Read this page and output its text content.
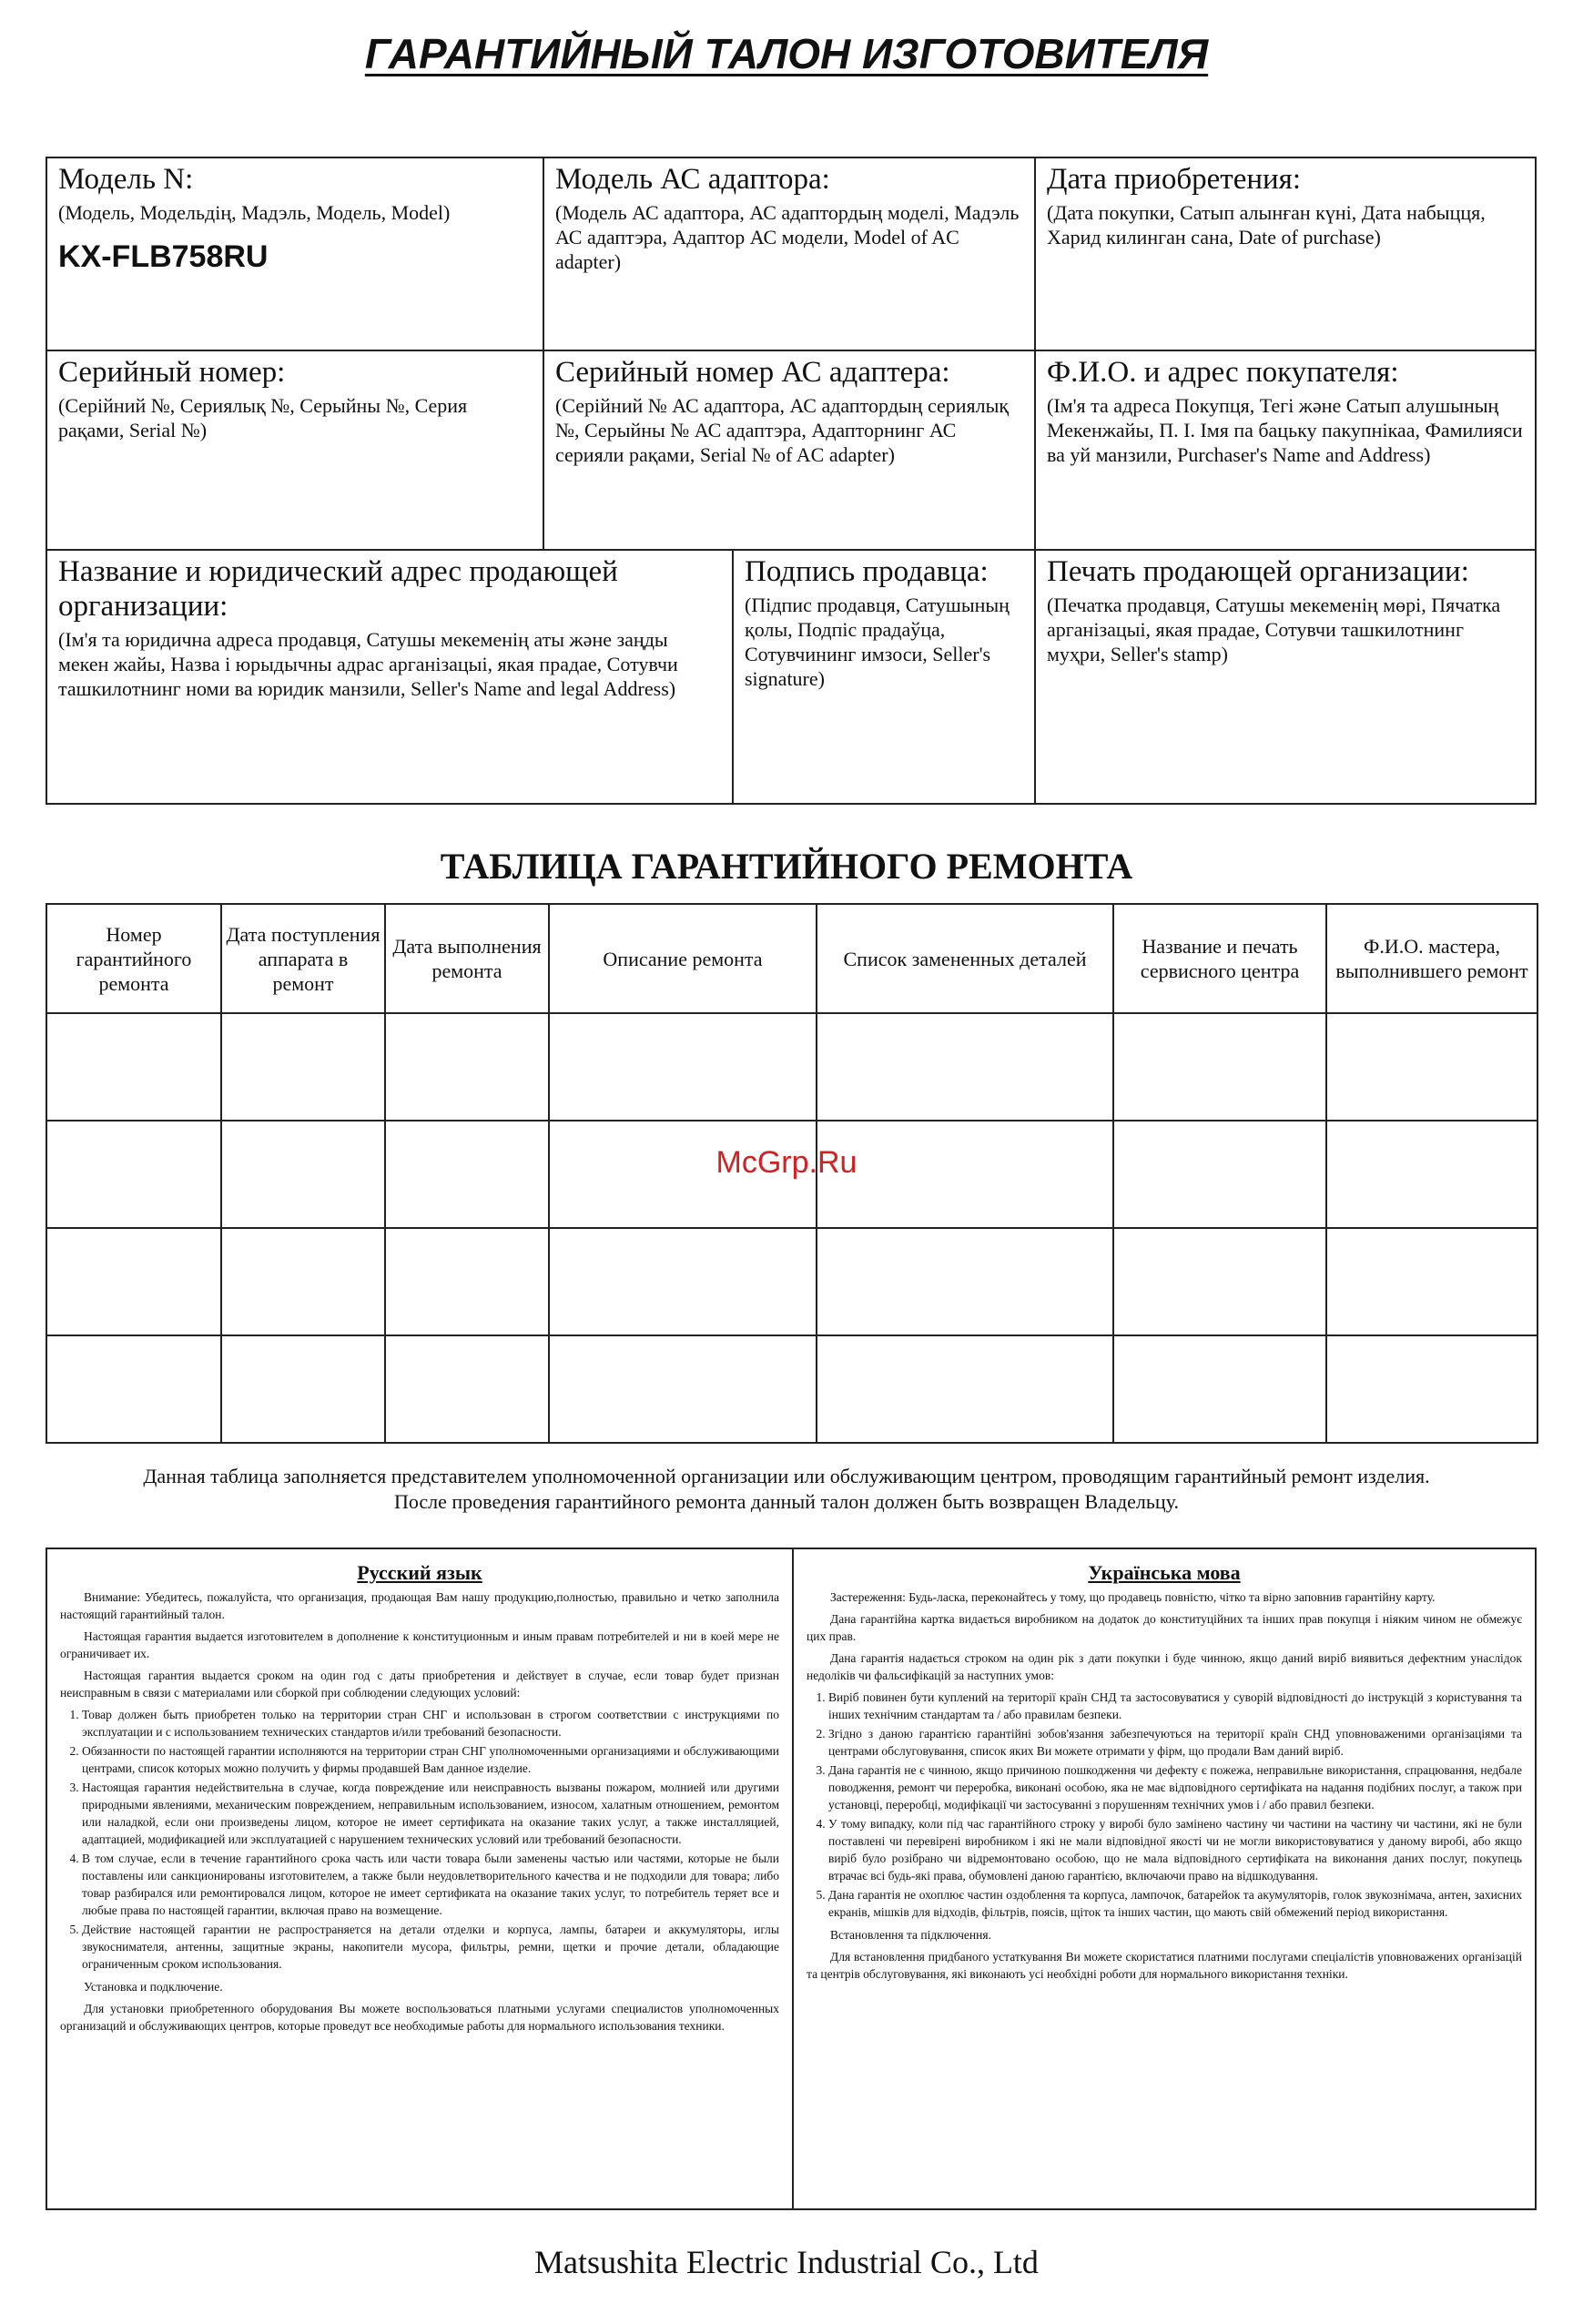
ГАРАНТИЙНЫЙ ТАЛОН ИЗГОТОВИТЕЛЯ
Модель N:
(Модель, Модельдiң, Мадэль, Модель, Model)
KX-FLB758RU
Модель АС адаптора:
(Модель АС адаптора, АС адаптордың моделi, Мадэль АС адаптэра, Адаптор АС модели, Model of AC adapter)
Дата приобретения:
(Дата покупки, Сатып алынған күнi, Дата набыцця, Харид килинган сана, Date of purchase)
Серийный номер:
(Серiйний №, Сериялық №, Серыйны №, Серия рақами, Serial №)
Серийный номер АС адаптера:
(Серiйний № АС адаптора, АС адаптордың сериялық №, Серыйны № АС адаптэра, Адапторнинг АС серияли рақами, Serial № of AC adapter)
Ф.И.О. и адрес покупателя:
(Iм'я та адреса Покупця, Тегi және Сатып алушының Мекенжайы, П. I. Iмя па бацьку пакупнiкаа, Фамилияси ва уй манзили, Purchaser's Name and Address)
Название и юридический адрес продающей организации:
(Iм'я та юридична адреса продавця, Сатушы мекеменiң аты және заңды мекен жайы, Назва i юрыдычны адрас арганiзацыi, якая прадае, Сотувчи ташкилотнинг номи ва юридик манзили, Seller's Name and legal Address)
Подпись продавца:
(Пiдпис продавця, Сатушының қолы, Подпiс прадаўца, Сотувчининг имзоси, Seller's signature)
Печать продающей организации:
(Печатка продавця, Сатушы мекеменiң мөрi, Пячатка арганiзацыi, якая прадае, Сотувчи ташкилотнинг муҳри, Seller's stamp)
ТАБЛИЦА ГАРАНТИЙНОГО РЕМОНТА
Номер гарантийного ремонта	Дата поступления аппарата в ремонт	Дата выполнения ремонта	Описание ремонта	Список замененных деталей	Название и печать сервисного центра	Ф.И.О. мастера, выполнившего ремонт

McGrp.Ru
Данная таблица заполняется представителем уполномоченной организации или обслуживающим центром, проводящим гарантийный ремонт изделия.
После проведения гарантийного ремонта данный талон должен быть возвращен Владельцу.
Русский язык

Внимание: Убедитесь, пожалуйста, что организация, продающая Вам нашу продукцию,полностью, правильно и четко заполнила настоящий гарантийный талон.

Настоящая гарантия выдается изготовителем в дополнение к конституционным и иным правам потребителей и ни в коей мере не ограничивает их.

Настоящая гарантия выдается сроком на один год с даты приобретения и действует в случае, если товар будет признан неисправным в связи с материалами или сборкой при соблюдении следующих условий:

1. Товар должен быть приобретен только на территории стран СНГ и использован в строгом соответствии с инструкциями по эксплуатации и с использованием технических стандартов и/или требований безопасности.
2. Обязанности по настоящей гарантии исполняются на территории стран СНГ уполномоченными организациями и обслуживающими центрами, список которых можно получить у фирмы продавшей Вам данное изделие.
3. Настоящая гарантия недействительна в случае, когда повреждение или неисправность вызваны пожаром, молнией или другими природными явлениями, механическим повреждением, неправильным использованием, износом, халатным отношением, ремонтом или наладкой, если они произведены лицом, которое не имеет сертификата на оказание таких услуг, а также инсталляцией, адаптацией, модификацией или эксплуатацией с нарушением технических условий или требований безопасности.
4. В том случае, если в течение гарантийного срока часть или части товара были заменены частью или частями, которые не были поставлены или санкционированы изготовителем, а также были неудовлетворительного качества и не подходили для товара; либо товар разбирался или ремонтировался лицом, которое не имеет сертификата на оказание таких услуг, то потребитель теряет все и любые права по настоящей гарантии, включая право на возмещение.
5. Действие настоящей гарантии не распространяется на детали отделки и корпуса, лампы, батареи и аккумуляторы, иглы звукоснимателя, антенны, защитные экраны, накопители мусора, фильтры, ремни, щетки и прочие детали, обладающие ограниченным сроком использования.

Установка и подключение.

Для установки приобретенного оборудования Вы можете воспользоваться платными услугами специалистов уполномоченных организаций и обслуживающих центров, которые проведут все необходимые работы для нормального использования техники.

Українська мова

Застереження: Будь-ласка, переконайтесь у тому, що продавець повністю, чітко та вірно заповнив гарантійну карту.

Дана гарантійна картка видається виробником на додаток до конституційних та інших прав покупця і ніяким чином не обмежує цих прав.

Дана гарантія надається строком на один рік з дати покупки і буде чинною, якщо даний виріб виявиться дефектним унаслідок недоліків чи фальсифікацій за наступних умов:

1. Виріб повинен бути куплений на території країн СНД та застосовуватися у суворій відповідності до інструкцій з користування та інших технічним стандартам та / або правилам безпеки.
2. Згідно з даною гарантією гарантійні зобов'язання забезпечуються на території країн СНД уповноваженими організаціями та центрами обслуговування, список яких Ви можете отримати у фірм, що продали Вам даний виріб.
3. Дана гарантія не є чинною, якщо причиною пошкодження чи дефекту є пожежа, неправильне використання, спрацювання, недбале поводження, ремонт чи переробка, виконані особою, яка не має відповідного сертифіката на надання подібних послуг, а також при установці, переробці, модифікації чи застосуванні з порушенням технічних умов і / або правил безпеки.
4. У тому випадку, коли під час гарантійного строку у виробі було замінено частину чи частини на частину чи частини, які не були поставлені чи перевірені виробником і які не мали відповідної якості чи не могли використовуватися у даному виробі, або якщо виріб було розібрано чи відремонтовано особою, що не мала відповідного сертифіката на виконання даних послуг, покупець втрачає всі будь-які права, обумовлені даною гарантією, включаючи право на відшкодування.
5. Дана гарантія не охоплює частин оздоблення та корпуса, лампочок, батарейок та акумуляторів, голок звукознімача, антен, захисних екранів, мішків для відходів, фільтрів, поясів, щіток та інших частин, що мають свій обмежений період використання.

Встановлення та підключення.

Для встановлення придбаного устаткування Ви можете скористатися платними послугами спеціалістів уповноважених організацій та центрів обслуговування, які виконають усі необхідні роботи для нормального використання техніки.

Matsushita Electric Industrial Co., Ltd
